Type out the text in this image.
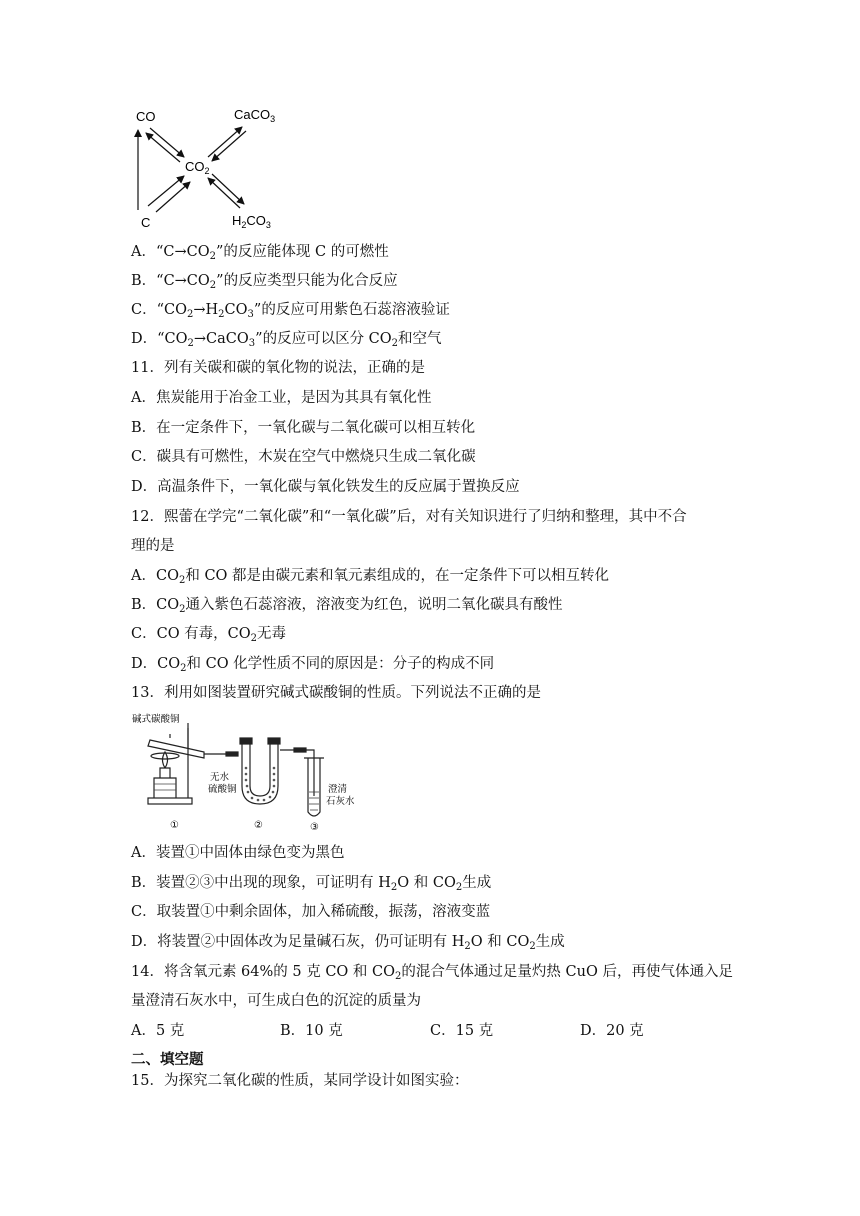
CO	CaCO$_3$
$CO_2$
C	$H_2CO_3$
A．“$C\to CO_2$”的反应能体现 C 的可燃性
B．“$C\to CO_2$”的反应类型只能为化合反应
C．“$CO_2\to H_2CO_3$”的反应可用紫色石蕊溶液验证
D．“$CO_2\to CaCO_3$”的反应可以区分 $CO_2$和空气
11．列有关碳和碳的氧化物的说法，正确的是
A．焦炭能用于冶金工业，是因为其具有氧化性
B．在一定条件下，一氧化碳与二氧化碳可以相互转化
C．碳具有可燃性，木炭在空气中燃烧只生成二氧化碳
D．高温条件下，一氧化碳与氧化铁发生的反应属于置换反应
12．熙蕾在学完“二氧化碳”和“一氧化碳”后，对有关知识进行了归纳和整理，其中不合
理的是
A．$CO_2$和 CO 都是由碳元素和氧元素组成的，在一定条件下可以相互转化
B．$CO_2$通入紫色石蕊溶液，溶液变为红色，说明二氧化碳具有酸性
C．CO 有毒，$CO_2$无毒
D．$CO_2$和 CO 化学性质不同的原因是：分子的构成不同
13．利用如图装置研究碱式碳酸铜的性质。下列说法不正确的是
碱式碳酸铜
无水
硫酸铜	澄清
石灰水
①	②	③
A．装置①中固体由绿色变为黑色
B．装置②③中出现的现象，可证明有 $H_2O$ 和 $CO_2$生成
C．取装置①中剩余固体，加入稀硫酸，振荡，溶液变蓝
D．将装置②中固体改为足量碱石灰，仍可证明有 $H_2O$ 和 $CO_2$生成
14．将含氧元素 64%的 5 克 CO 和 $CO_2$的混合气体通过足量灼热 CuO 后，再使气体通入足
量澄清石灰水中，可生成白色的沉淀的质量为
A．5 克	B．10 克	C．15 克	D．20 克
二、填空题
15．为探究二氧化碳的性质，某同学设计如图实验：
